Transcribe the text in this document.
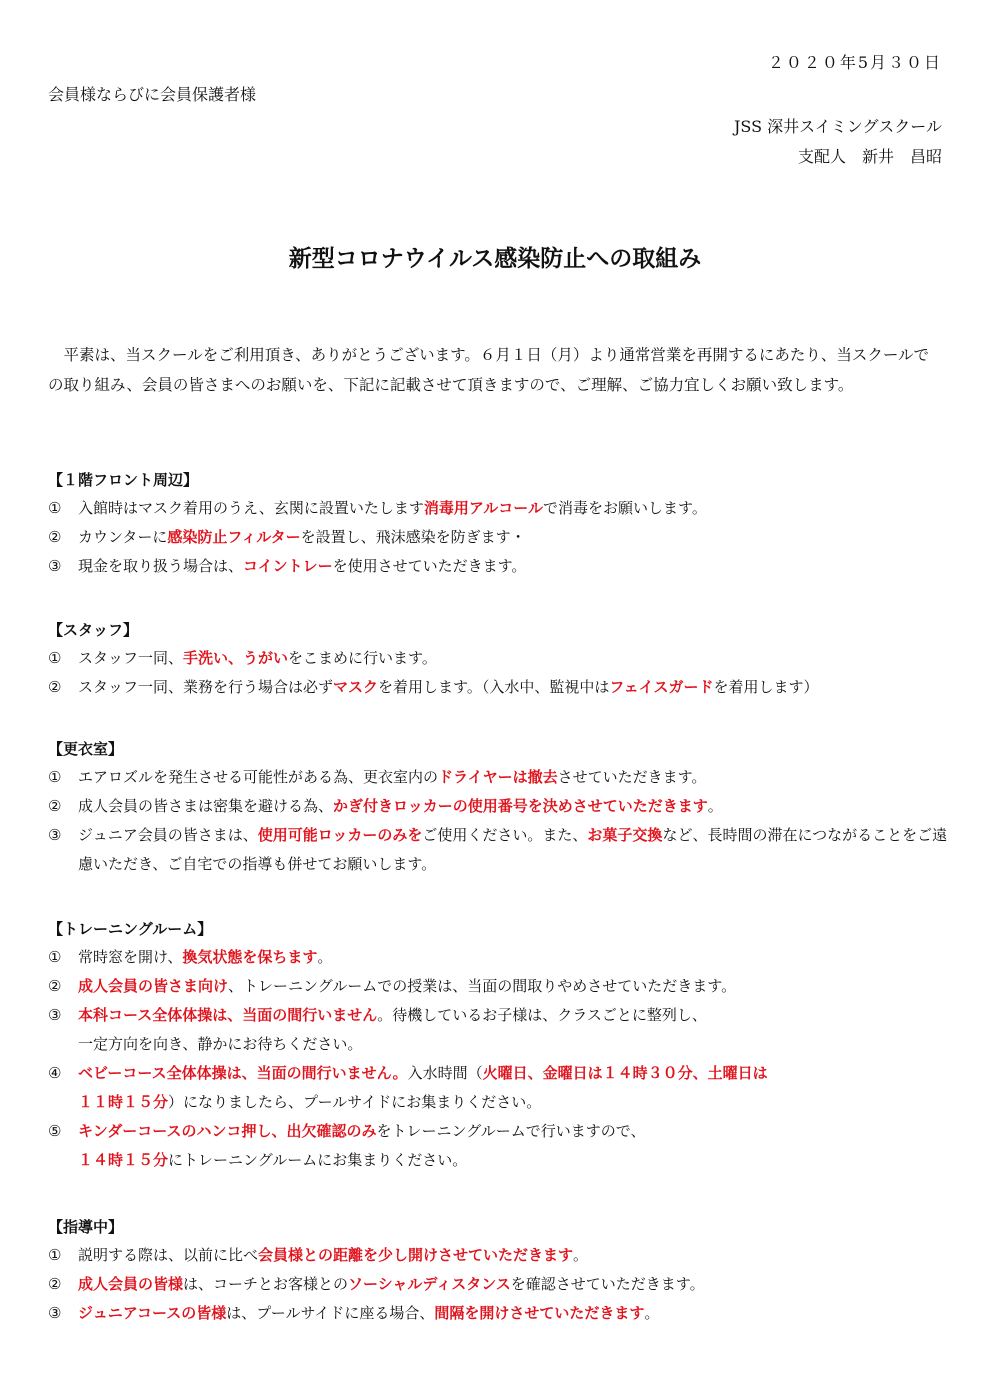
２０２０年5月３０日
会員様ならびに会員保護者様
JSS 深井スイミングスクール
支配人　新井　昌昭
新型コロナウイルス感染防止への取組み
　平素は、当スクールをご利用頂き、ありがとうございます。６月１日（月）より通常営業を再開するにあたり、当スクールでの取り組み、会員の皆さまへのお願いを、下記に記載させて頂きますので、ご理解、ご協力宜しくお願い致します。
【１階フロント周辺】
①	入館時はマスク着用のうえ、玄関に設置いたします消毒用アルコールで消毒をお願いします。
②	カウンターに感染防止フィルターを設置し、飛沫感染を防ぎます・
③	現金を取り扱う場合は、コイントレーを使用させていただきます。
【スタッフ】
①	スタッフ一同、手洗い、うがいをこまめに行います。
②	スタッフ一同、業務を行う場合は必ずマスクを着用します。（入水中、監視中はフェイスガードを着用します）
【更衣室】
①	エアロズルを発生させる可能性がある為、更衣室内のドライヤーは撤去させていただきます。
②	成人会員の皆さまは密集を避ける為、かぎ付きロッカーの使用番号を決めさせていただきます。
③	ジュニア会員の皆さまは、使用可能ロッカーのみをご使用ください。また、お菓子交換など、長時間の滞在につながることをご遠慮いただき、ご自宅での指導も併せてお願いします。
【トレーニングルーム】
①	常時窓を開け、換気状態を保ちます。
②	成人会員の皆さま向け、トレーニングルームでの授業は、当面の間取りやめさせていただきます。
③	本科コース全体体操は、当面の間行いません。待機しているお子様は、クラスごとに整列し、
一定方向を向き、静かにお待ちください。
④	ベビーコース全体体操は、当面の間行いません。入水時間（火曜日、金曜日は１４時３０分、土曜日は
１１時１５分）になりましたら、プールサイドにお集まりください。
⑤	キンダーコースのハンコ押し、出欠確認のみをトレーニングルームで行いますので、
１４時１５分にトレーニングルームにお集まりください。
【指導中】
①	説明する際は、以前に比べ会員様との距離を少し開けさせていただきます。
②	成人会員の皆様は、コーチとお客様とのソーシャルディスタンスを確認させていただきます。
③	ジュニアコースの皆様は、プールサイドに座る場合、間隔を開けさせていただきます。
